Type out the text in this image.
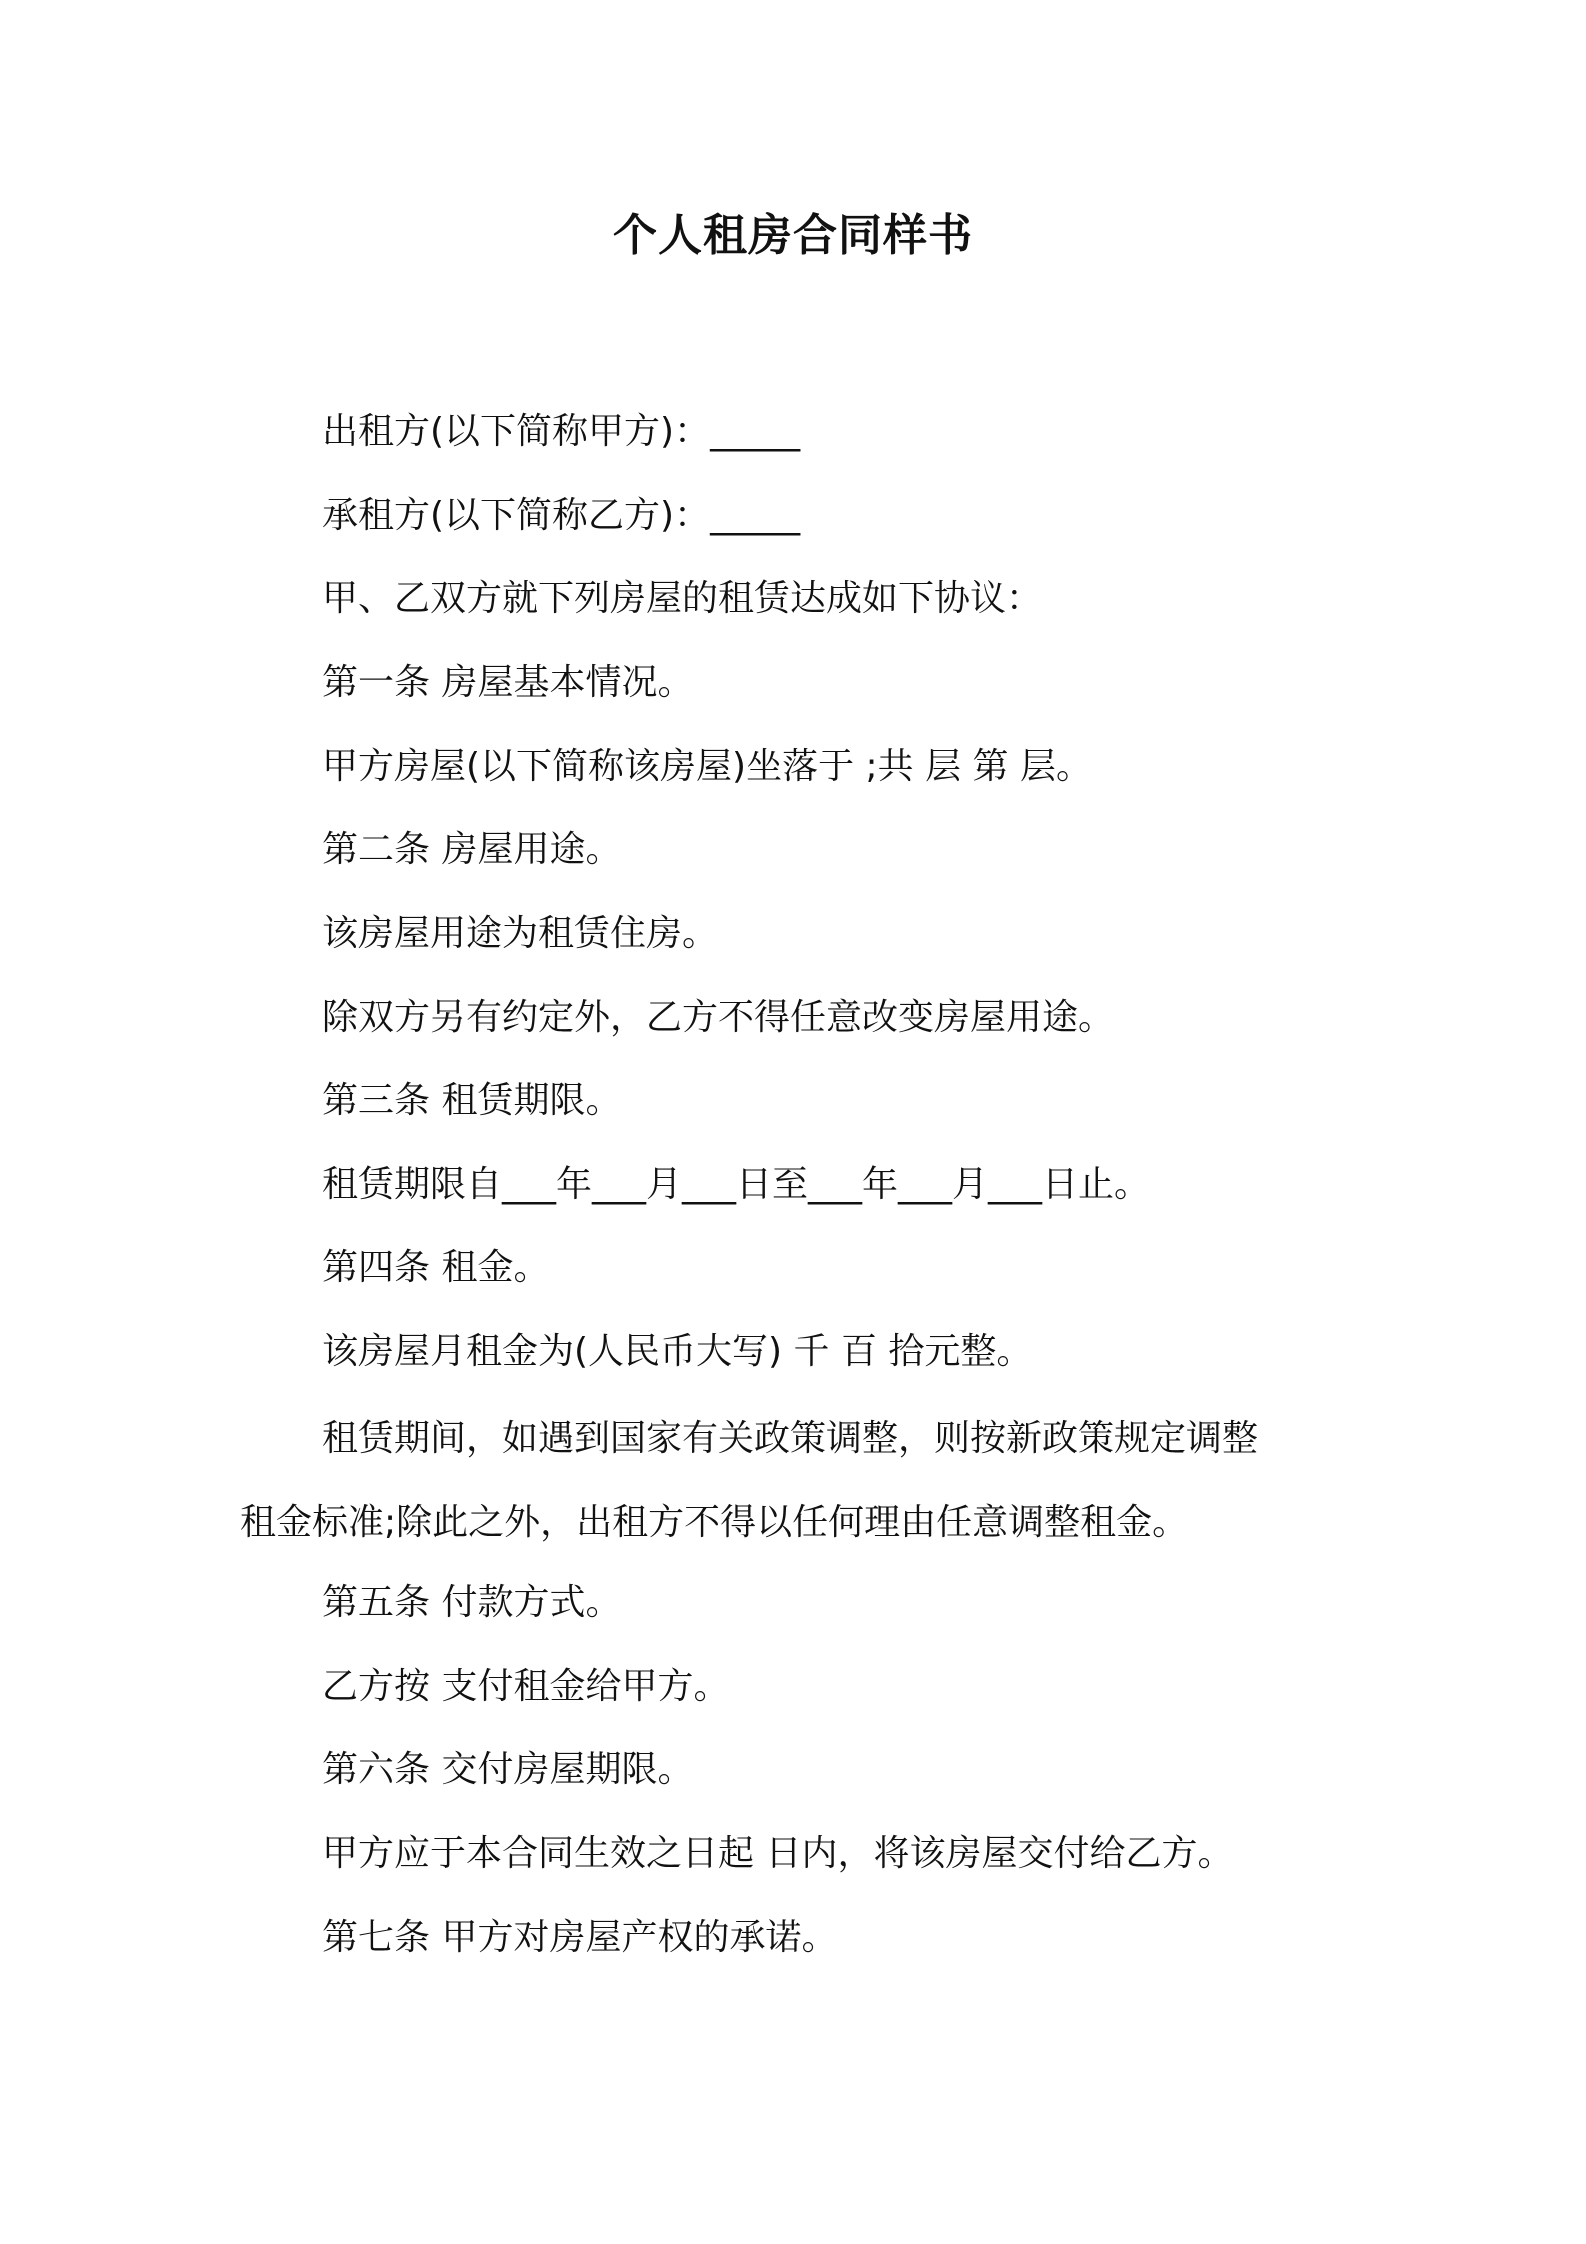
个人租房合同样书
出租方(以下简称甲方)：_____
承租方(以下简称乙方)：_____
甲、乙双方就下列房屋的租赁达成如下协议：
第一条 房屋基本情况。
甲方房屋(以下简称该房屋)坐落于 ;共 层 第 层。
第二条 房屋用途。
该房屋用途为租赁住房。
除双方另有约定外，乙方不得任意改变房屋用途。
第三条 租赁期限。
租赁期限自___年___月___日至___年___月___日止。
第四条 租金。
该房屋月租金为(人民币大写) 千 百 拾元整。
租赁期间，如遇到国家有关政策调整，则按新政策规定调整租金标准;除此之外，出租方不得以任何理由任意调整租金。
第五条 付款方式。
乙方按 支付租金给甲方。
第六条 交付房屋期限。
甲方应于本合同生效之日起 日内，将该房屋交付给乙方。
第七条 甲方对房屋产权的承诺。
